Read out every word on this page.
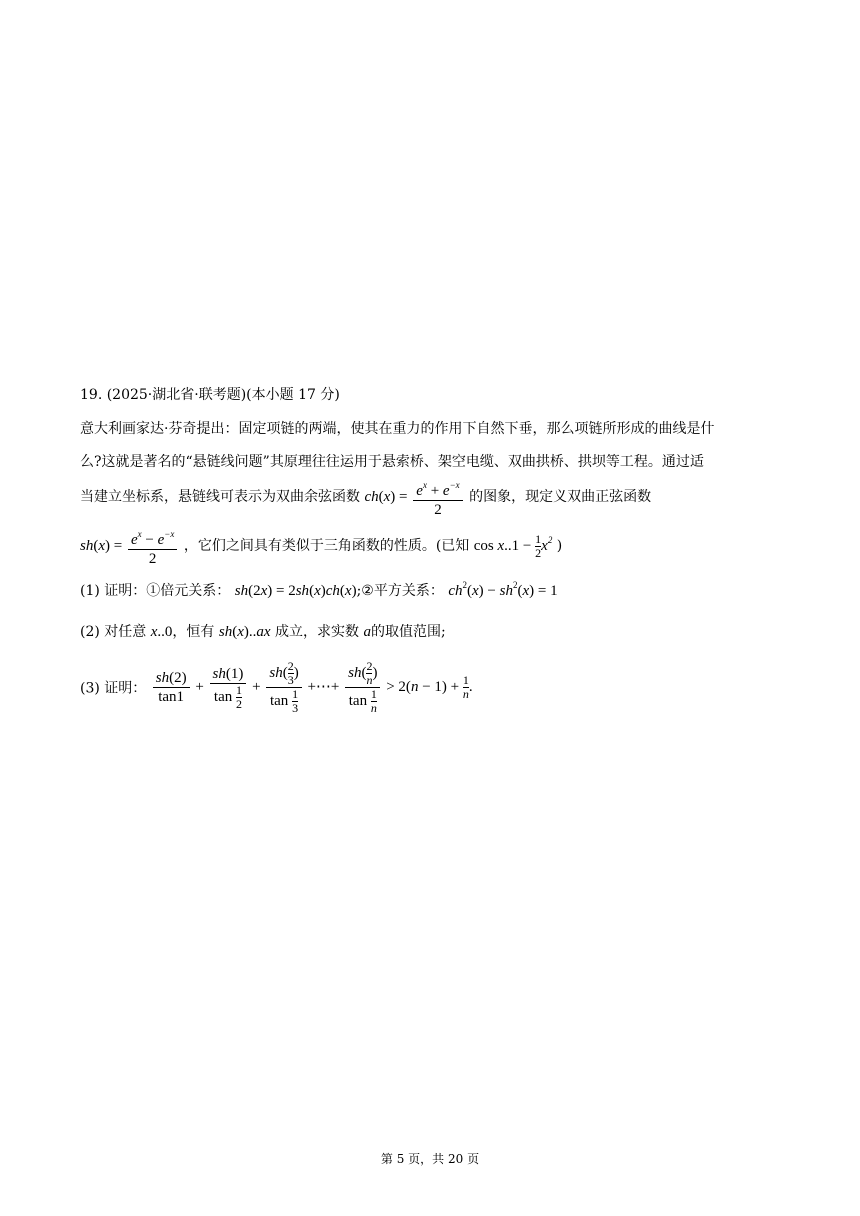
19. (2025·湖北省·联考题)(本小题 17 分)
意大利画家达·芬奇提出：固定项链的两端，使其在重力的作用下自然下垂，那么项链所形成的曲线是什
么?这就是著名的“悬链线问题”其原理往往运用于悬索桥、架空电缆、双曲拱桥、拱坝等工程。通过适
当建立坐标系，悬链线可表示为双曲余弦函数 $ch(x) = \frac{e^x + e^{-x}}{2}$ 的图象，现定义双曲正弦函数
$sh(x) = \frac{e^x - e^{-x}}{2}$ ，它们之间具有类似于三角函数的性质。(已知 $\cos x..1 - \frac{1}{2} x^2$ )
(1) 证明：①倍元关系： sh(2x) = 2sh(x)ch(x);②平方关系： $ch^2(x) - sh^2(x) = 1$
(2) 对任意 x..0，恒有 sh(x)..ax 成立，求实数 a的取值范围;
(3) 证明： $\frac{sh(2)}{\tan 1} + \frac{sh(1)}{\tan \frac{1}{2}} + \frac{sh( \frac{2}{3} )}{\tan \frac{1}{3}}$ +⋯+ $\frac{sh( \frac{2}{n} )}{\tan \frac{1}{n}} > 2(n - 1) + \frac{1}{n}$ .
第 5 页，共 20 页
